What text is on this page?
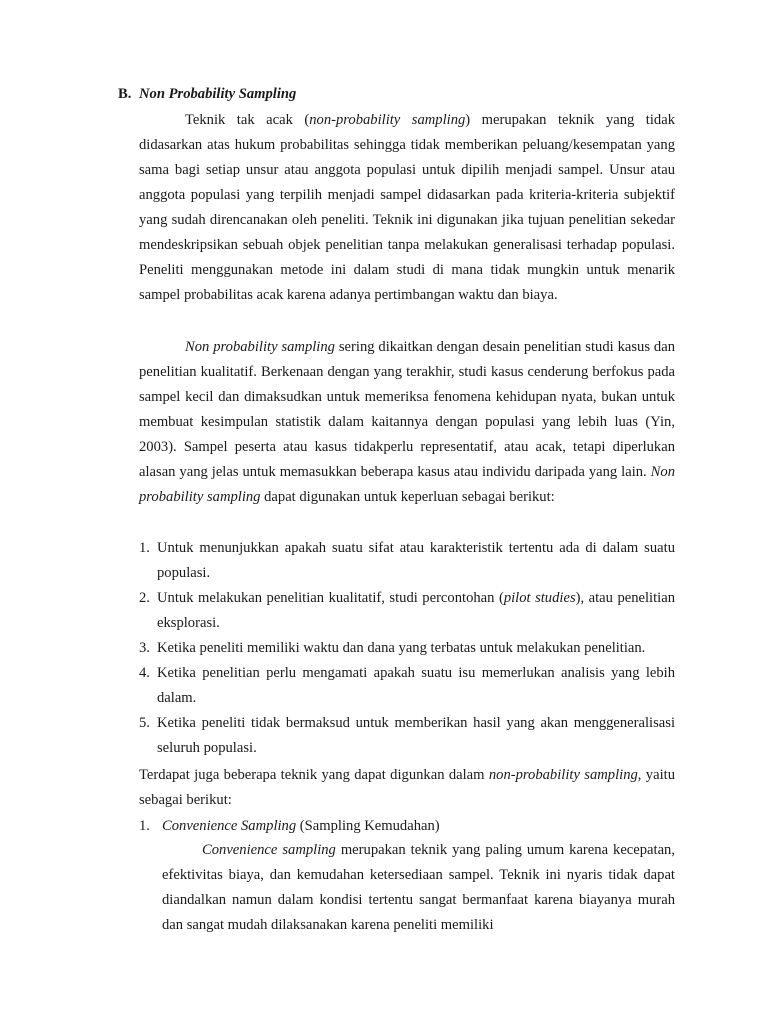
B. Non Probability Sampling

Teknik tak acak (non-probability sampling) merupakan teknik yang tidak didasarkan atas hukum probabilitas sehingga tidak memberikan peluang/kesempatan yang sama bagi setiap unsur atau anggota populasi untuk dipilih menjadi sampel. Unsur atau anggota populasi yang terpilih menjadi sampel didasarkan pada kriteria-kriteria subjektif yang sudah direncanakan oleh peneliti. Teknik ini digunakan jika tujuan penelitian sekedar mendeskripsikan sebuah objek penelitian tanpa melakukan generalisasi terhadap populasi. Peneliti menggunakan metode ini dalam studi di mana tidak mungkin untuk menarik sampel probabilitas acak karena adanya pertimbangan waktu dan biaya.

Non probability sampling sering dikaitkan dengan desain penelitian studi kasus dan penelitian kualitatif. Berkenaan dengan yang terakhir, studi kasus cenderung berfokus pada sampel kecil dan dimaksudkan untuk memeriksa fenomena kehidupan nyata, bukan untuk membuat kesimpulan statistik dalam kaitannya dengan populasi yang lebih luas (Yin, 2003). Sampel peserta atau kasus tidakperlu representatif, atau acak, tetapi diperlukan alasan yang jelas untuk memasukkan beberapa kasus atau individu daripada yang lain. Non probability sampling dapat digunakan untuk keperluan sebagai berikut:

1. Untuk menunjukkan apakah suatu sifat atau karakteristik tertentu ada di dalam suatu populasi.
2. Untuk melakukan penelitian kualitatif, studi percontohan (pilot studies), atau penelitian eksplorasi.
3. Ketika peneliti memiliki waktu dan dana yang terbatas untuk melakukan penelitian.
4. Ketika penelitian perlu mengamati apakah suatu isu memerlukan analisis yang lebih dalam.
5. Ketika peneliti tidak bermaksud untuk memberikan hasil yang akan menggeneralisasi seluruh populasi.

Terdapat juga beberapa teknik yang dapat digunkan dalam non-probability sampling, yaitu sebagai berikut:

1. Convenience Sampling (Sampling Kemudahan)

Convenience sampling merupakan teknik yang paling umum karena kecepatan, efektivitas biaya, dan kemudahan ketersediaan sampel. Teknik ini nyaris tidak dapat diandalkan namun dalam kondisi tertentu sangat bermanfaat karena biayanya murah dan sangat mudah dilaksanakan karena peneliti memiliki
